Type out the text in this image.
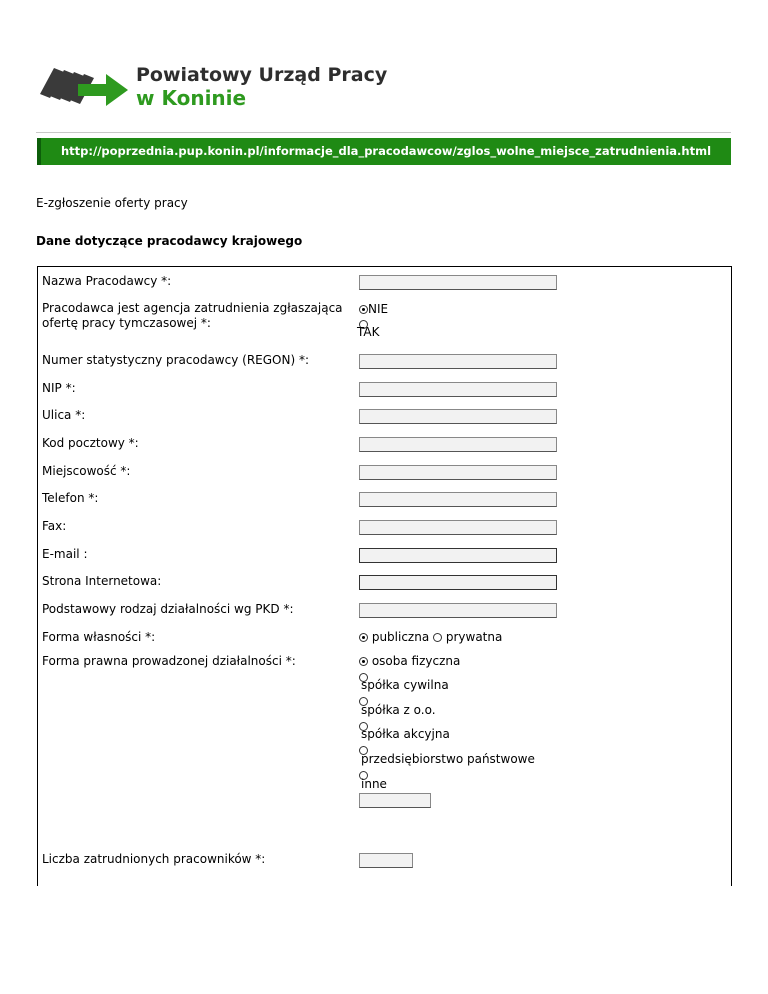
Powiatowy Urząd Pracy
w Koninie
http://poprzednia.pup.konin.pl/informacje_dla_pracodawcow/zglos_wolne_miejsce_zatrudnienia.html
E-zgłoszenie oferty pracy
Dane dotyczące pracodawcy krajowego
Nazwa Pracodawcy *:
Pracodawca jest agencja zatrudnienia zgłaszająca
ofertę pracy tymczasowej *:
NIE
TAK
Numer statystyczny pracodawcy (REGON) *:
NIP *:
Ulica *:
Kod pocztowy *:
Miejscowość *:
Telefon *:
Fax:
E-mail :
Strona Internetowa:
Podstawowy rodzaj działalności wg PKD *:
Forma własności *:	publiczna prywatna
Forma prawna prowadzonej działalności *:	osoba fizyczna
spółka cywilna
spółka z o.o.
spółka akcyjna
przedsiębiorstwo państwowe
inne
Liczba zatrudnionych pracowników *:
